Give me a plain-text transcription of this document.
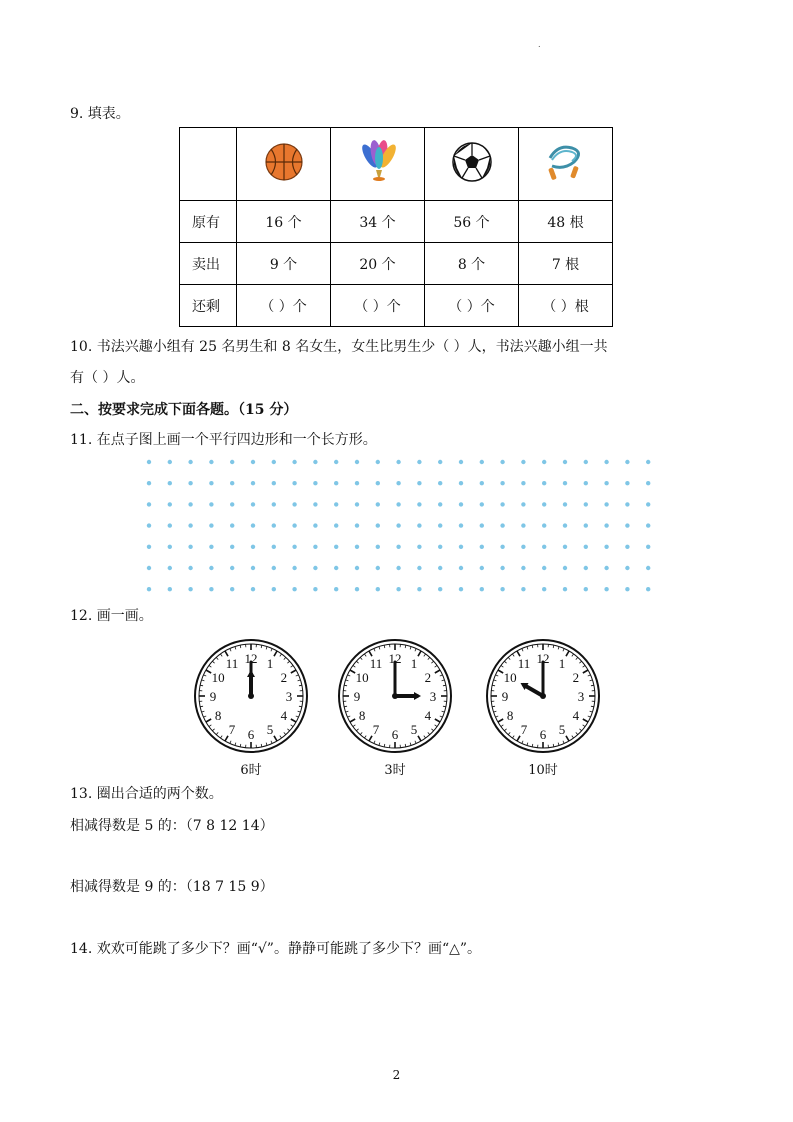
.
9. 填表。

原有	16 个	34 个	56 个	48 根
卖出	9 个	20 个	8 个	7 根
还剩	（ ）个	（ ）个	（ ）个	（ ）根
10. 书法兴趣小组有 25 名男生和 8 名女生，女生比男生少（ ）人，书法兴趣小组一共
有（ ）人。
二、按要求完成下面各题。（15 分）
11. 在点子图上画一个平行四边形和一个长方形。
12. 画一画。
12 1
2
3
4
5
6
7
8
9
10
11
6时
12 1
2
3
4
5
6
7
8
9
10
11
3时
12 1
2
3
4
5
6
7
8
9
10
11
10时
13. 圈出合适的两个数。
相减得数是 5 的：（7 8 12 14）
相减得数是 9 的：（18 7 15 9）
14. 欢欢可能跳了多少下？画“√”。静静可能跳了多少下？画“△”。
2
